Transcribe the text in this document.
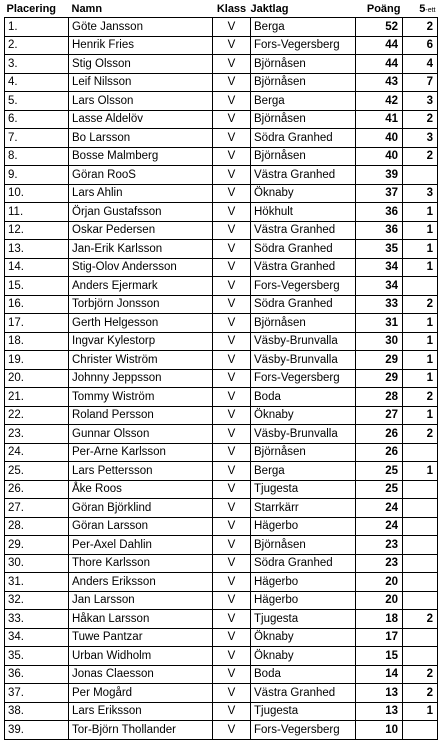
Placering	Namn	Klass	Jaktlag	Poäng	5-ett
1.	Göte Jansson	V	Berga	52	2
2.	Henrik Fries	V	Fors-Vegersberg	44	6
3.	Stig Olsson	V	Björnåsen	44	4
4.	Leif Nilsson	V	Björnåsen	43	7
5.	Lars Olsson	V	Berga	42	3
6.	Lasse Aldelöv	V	Björnåsen	41	2
7.	Bo Larsson	V	Södra Granhed	40	3
8.	Bosse Malmberg	V	Björnåsen	40	2
9.	Göran RooS	V	Västra Granhed	39	
10.	Lars Ahlin	V	Öknaby	37	3
11.	Örjan Gustafsson	V	Hökhult	36	1
12.	Oskar Pedersen	V	Västra Granhed	36	1
13.	Jan-Erik Karlsson	V	Södra Granhed	35	1
14.	Stig-Olov Andersson	V	Västra Granhed	34	1
15.	Anders Ejermark	V	Fors-Vegersberg	34	
16.	Torbjörn Jonsson	V	Södra Granhed	33	2
17.	Gerth Helgesson	V	Björnåsen	31	1
18.	Ingvar Kylestorp	V	Väsby-Brunvalla	30	1
19.	Christer Wiström	V	Väsby-Brunvalla	29	1
20.	Johnny Jeppsson	V	Fors-Vegersberg	29	1
21.	Tommy Wiström	V	Boda	28	2
22.	Roland Persson	V	Öknaby	27	1
23.	Gunnar Olsson	V	Väsby-Brunvalla	26	2
24.	Per-Arne Karlsson	V	Björnåsen	26	
25.	Lars Pettersson	V	Berga	25	1
26.	Åke Roos	V	Tjugesta	25	
27.	Göran Björklind	V	Starrkärr	24	
28.	Göran Larsson	V	Hägerbo	24	
29.	Per-Axel Dahlin	V	Björnåsen	23	
30.	Thore Karlsson	V	Södra Granhed	23	
31.	Anders Eriksson	V	Hägerbo	20	
32.	Jan Larsson	V	Hägerbo	20	
33.	Håkan Larsson	V	Tjugesta	18	2
34.	Tuwe Pantzar	V	Öknaby	17	
35.	Urban Widholm	V	Öknaby	15	
36.	Jonas Claesson	V	Boda	14	2
37.	Per Mogård	V	Västra Granhed	13	2
38.	Lars Eriksson	V	Tjugesta	13	1
39.	Tor-Björn Thollander	V	Fors-Vegersberg	10	
